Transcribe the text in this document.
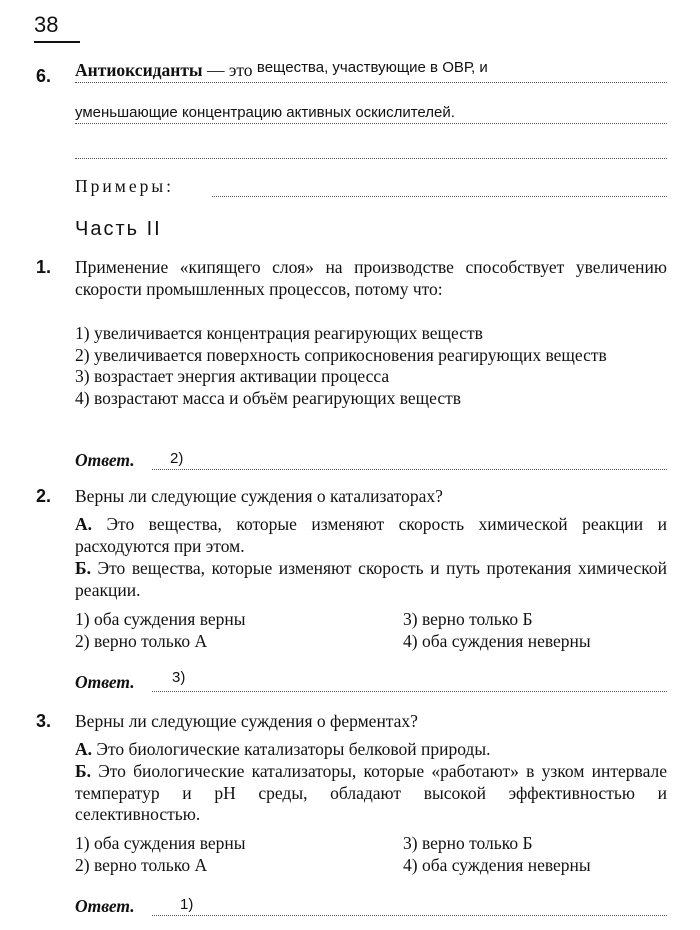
38
6. Антиоксиданты — это вещества, участвующие в ОВР, и
уменьшающие концентрацию активных оскислителей.
Примеры:
Часть II
1. Применение «кипящего слоя» на производстве способствует увеличению скорости промышленных процессов, потому что:
1) увеличивается концентрация реагирующих веществ
2) увеличивается поверхность соприкосновения реагирующих веществ
3) возрастает энергия активации процесса
4) возрастают масса и объём реагирующих веществ
Ответ. 2)
2. Верны ли следующие суждения о катализаторах?
А. Это вещества, которые изменяют скорость химической реакции и расходуются при этом.
Б. Это вещества, которые изменяют скорость и путь протекания химической реакции.
1) оба суждения верны	3) верно только Б
2) верно только А	4) оба суждения неверны
Ответ. 3)
3. Верны ли следующие суждения о ферментах?
А. Это биологические катализаторы белковой природы.
Б. Это биологические катализаторы, которые «работают» в узком интервале температур и pH среды, обладают высокой эффективностью и селективностью.
1) оба суждения верны	3) верно только Б
2) верно только А	4) оба суждения неверны
Ответ.	1)
